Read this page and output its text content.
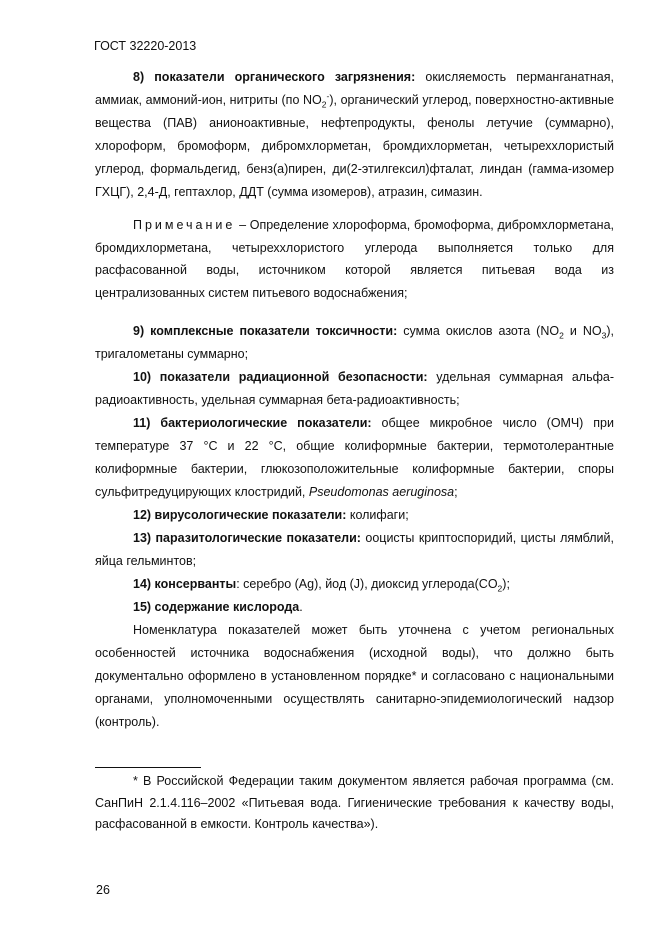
ГОСТ 32220-2013

8) показатели органического загрязнения: окисляемость перманганатная, аммиак, аммоний-ион, нитриты (по $NO_2^-$), органический углерод, поверхностно-активные вещества (ПАВ) анионоактивные, нефтепродукты, фенолы летучие (суммарно), хлороформ, бромоформ, дибромхлорметан, бромдихлорметан, четыреххлористый углерод, формальдегид, бенз(а)пирен, ди(2-этилгексил)фталат, линдан (гамма-изомер ГХЦГ), 2,4-Д, гептахлор, ДДТ (сумма изомеров), атразин, симазин.

Примечание – Определение хлороформа, бромоформа, дибромхлорметана, бромдихлорметана, четыреххлористого углерода выполняется только для расфасованной воды, источником которой является питьевая вода из централизованных систем питьевого водоснабжения;

9) комплексные показатели токсичности: сумма окислов азота ($NO_2$ и $NO_3$), тригалометаны суммарно;

10) показатели радиационной безопасности: удельная суммарная альфа-радиоактивность, удельная суммарная бета-радиоактивность;

11) бактериологические показатели: общее микробное число (ОМЧ) при температуре 37 °С и 22 °С, общие колиформные бактерии, термотолерантные колиформные бактерии, глюкозоположительные колиформные бактерии, споры сульфитредуцирующих клостридий, Pseudomonas aeruginosa;

12) вирусологические показатели: колифаги;

13) паразитологические показатели: ооцисты криптоспоридий, цисты лямблий, яйца гельминтов;

14) консерванты: серебро (Ag), йод (J), диоксид $углерода(CO_2)$;

15) содержание кислорода.

Номенклатура показателей может быть уточнена с учетом региональных особенностей источника водоснабжения (исходной воды), что должно быть документально оформлено в установленном порядке* и согласовано с национальными органами, уполномоченными осуществлять санитарно-эпидемиологический надзор (контроль).

* В Российской Федерации таким документом является рабочая программа (см. СанПиН 2.1.4.116–2002 «Питьевая вода. Гигиенические требования к качеству воды, расфасованной в емкости. Контроль качества»).

26
